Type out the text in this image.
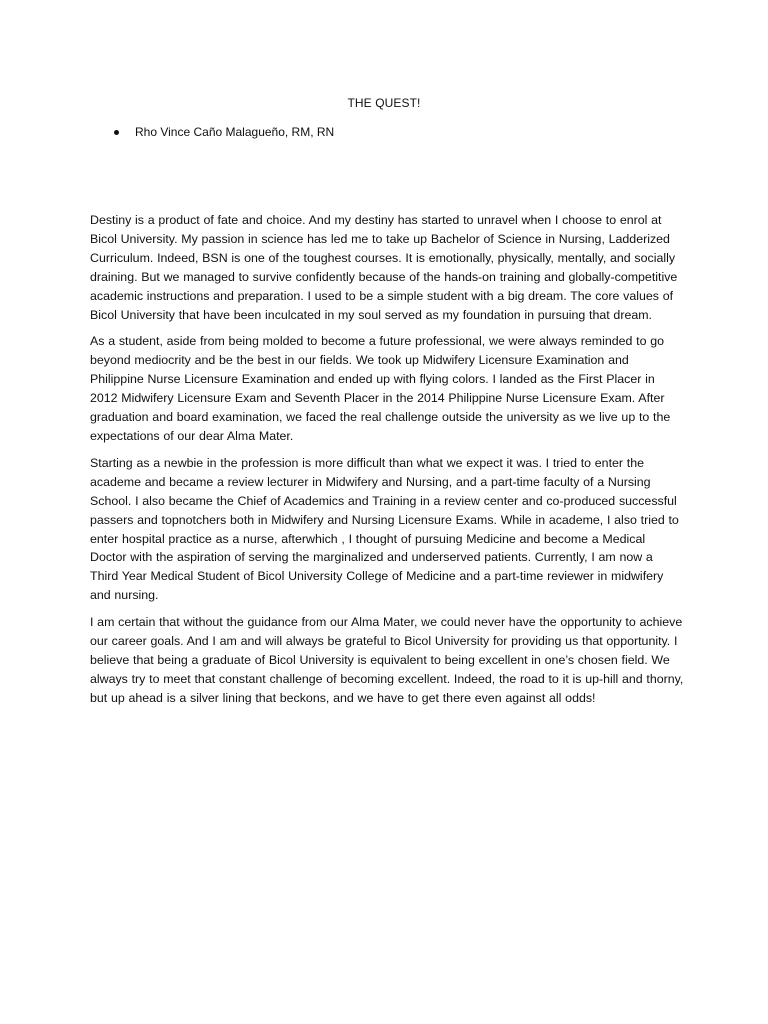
THE QUEST!
Rho Vince Caño Malagueño, RM, RN

Destiny is a product of fate and choice. And my destiny has started to unravel when I choose to enrol at Bicol University. My passion in science has led me to take up Bachelor of Science in Nursing, Ladderized Curriculum. Indeed, BSN is one of the toughest courses. It is emotionally, physically, mentally, and socially draining. But we managed to survive confidently because of the hands-on training and globally-competitive academic instructions and preparation. I used to be a simple student with a big dream. The core values of Bicol University that have been inculcated in my soul served as my foundation in pursuing that dream.

As a student, aside from being molded to become a future professional, we were always reminded to go beyond mediocrity and be the best in our fields. We took up Midwifery Licensure Examination and Philippine Nurse Licensure Examination and ended up with flying colors. I landed as the First Placer in 2012 Midwifery Licensure Exam and Seventh Placer in the 2014 Philippine Nurse Licensure Exam. After graduation and board examination, we faced the real challenge outside the university as we live up to the expectations of our dear Alma Mater.

Starting as a newbie in the profession is more difficult than what we expect it was. I tried to enter the academe and became a review lecturer in Midwifery and Nursing, and a part-time faculty of a Nursing School. I also became the Chief of Academics and Training in a review center and co-produced successful passers and topnotchers both in Midwifery and Nursing Licensure Exams. While in academe, I also tried to enter hospital practice as a nurse, afterwhich , I thought of pursuing Medicine and become a Medical Doctor with the aspiration of serving the marginalized and underserved patients. Currently, I am now a Third Year Medical Student of Bicol University College of Medicine and a part-time reviewer in midwifery and nursing.

I am certain that without the guidance from our Alma Mater, we could never have the opportunity to achieve our career goals. And I am and will always be grateful to Bicol University for providing us that opportunity. I believe that being a graduate of Bicol University is equivalent to being excellent in one’s chosen field. We always try to meet that constant challenge of becoming excellent. Indeed, the road to it is up-hill and thorny, but up ahead is a silver lining that beckons, and we have to get there even against all odds!
